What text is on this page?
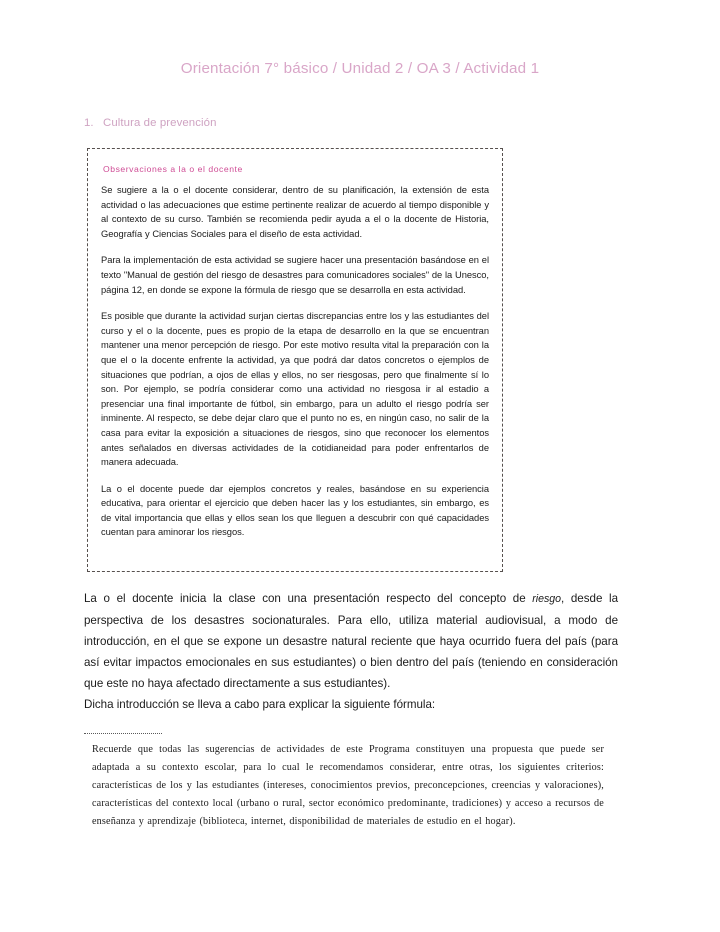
Orientación 7° básico / Unidad 2 / OA 3 / Actividad 1
1. Cultura de prevención
Observaciones a la o el docente

Se sugiere a la o el docente considerar, dentro de su planificación, la extensión de esta actividad o las adecuaciones que estime pertinente realizar de acuerdo al tiempo disponible y al contexto de su curso. También se recomienda pedir ayuda a el o la docente de Historia, Geografía y Ciencias Sociales para el diseño de esta actividad.

Para la implementación de esta actividad se sugiere hacer una presentación basándose en el texto "Manual de gestión del riesgo de desastres para comunicadores sociales" de la Unesco, página 12, en donde se expone la fórmula de riesgo que se desarrolla en esta actividad.

Es posible que durante la actividad surjan ciertas discrepancias entre los y las estudiantes del curso y el o la docente, pues es propio de la etapa de desarrollo en la que se encuentran mantener una menor percepción de riesgo. Por este motivo resulta vital la preparación con la que el o la docente enfrente la actividad, ya que podrá dar datos concretos o ejemplos de situaciones que podrían, a ojos de ellas y ellos, no ser riesgosas, pero que finalmente sí lo son. Por ejemplo, se podría considerar como una actividad no riesgosa ir al estadio a presenciar una final importante de fútbol, sin embargo, para un adulto el riesgo podría ser inminente. Al respecto, se debe dejar claro que el punto no es, en ningún caso, no salir de la casa para evitar la exposición a situaciones de riesgos, sino que reconocer los elementos antes señalados en diversas actividades de la cotidianeidad para poder enfrentarlos de manera adecuada.

La o el docente puede dar ejemplos concretos y reales, basándose en su experiencia educativa, para orientar el ejercicio que deben hacer las y los estudiantes, sin embargo, es de vital importancia que ellas y ellos sean los que lleguen a descubrir con qué capacidades cuentan para aminorar los riesgos.

La o el docente inicia la clase con una presentación respecto del concepto de riesgo, desde la perspectiva de los desastres socionaturales. Para ello, utiliza material audiovisual, a modo de introducción, en el que se expone un desastre natural reciente que haya ocurrido fuera del país (para así evitar impactos emocionales en sus estudiantes) o bien dentro del país (teniendo en consideración que este no haya afectado directamente a sus estudiantes).
Dicha introducción se lleva a cabo para explicar la siguiente fórmula:
Recuerde que todas las sugerencias de actividades de este Programa constituyen una propuesta que puede ser adaptada a su contexto escolar, para lo cual le recomendamos considerar, entre otras, los siguientes criterios: características de los y las estudiantes (intereses, conocimientos previos, preconcepciones, creencias y valoraciones), características del contexto local (urbano o rural, sector económico predominante, tradiciones) y acceso a recursos de enseñanza y aprendizaje (biblioteca, internet, disponibilidad de materiales de estudio en el hogar).
